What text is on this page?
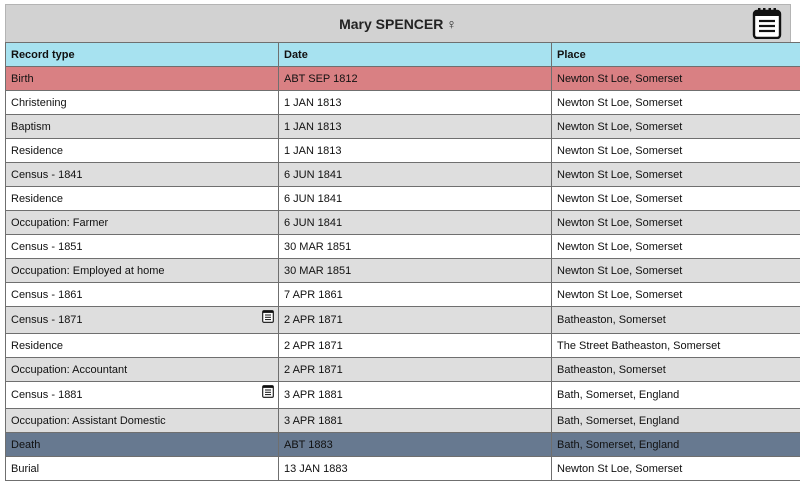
Mary SPENCER ♀
Record type	Date	Place
Birth	ABT SEP 1812	Newton St Loe, Somerset
Christening	1 JAN 1813	Newton St Loe, Somerset
Baptism	1 JAN 1813	Newton St Loe, Somerset
Residence	1 JAN 1813	Newton St Loe, Somerset
Census - 1841	6 JUN 1841	Newton St Loe, Somerset
Residence	6 JUN 1841	Newton St Loe, Somerset
Occupation: Farmer	6 JUN 1841	Newton St Loe, Somerset
Census - 1851	30 MAR 1851	Newton St Loe, Somerset
Occupation: Employed at home	30 MAR 1851	Newton St Loe, Somerset
Census - 1861	7 APR 1861	Newton St Loe, Somerset

Census - 1871	2 APR 1871	Batheaston, Somerset
Residence	2 APR 1871	The Street Batheaston, Somerset
Occupation: Accountant	2 APR 1871	Batheaston, Somerset

Census - 1881	3 APR 1881	Bath, Somerset, England
Occupation: Assistant Domestic	3 APR 1881	Bath, Somerset, England
Death	ABT 1883	Bath, Somerset, England
Burial	13 JAN 1883	Newton St Loe, Somerset
